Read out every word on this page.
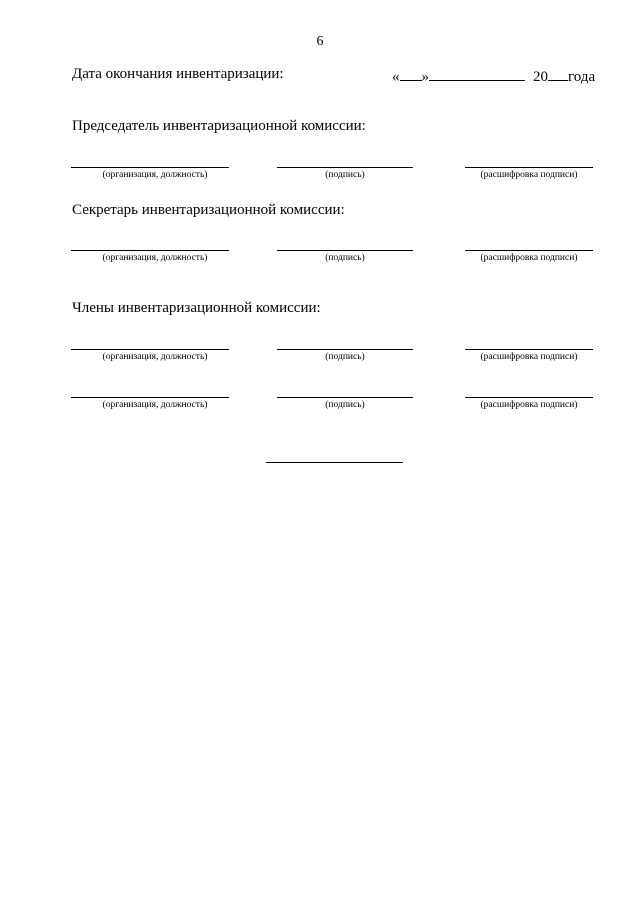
6
Дата окончания инвентаризации:	« »	20 года
Председатель инвентаризационной комиссии:
(организация, должность)	(подпись)	(расшифровка подписи)
Секретарь инвентаризационной комиссии:
(организация, должность)	(подпись)	(расшифровка подписи)
Члены инвентаризационной комиссии:
(организация, должность)	(подпись)	(расшифровка подписи)
(организация, должность)	(подпись)	(расшифровка подписи)
